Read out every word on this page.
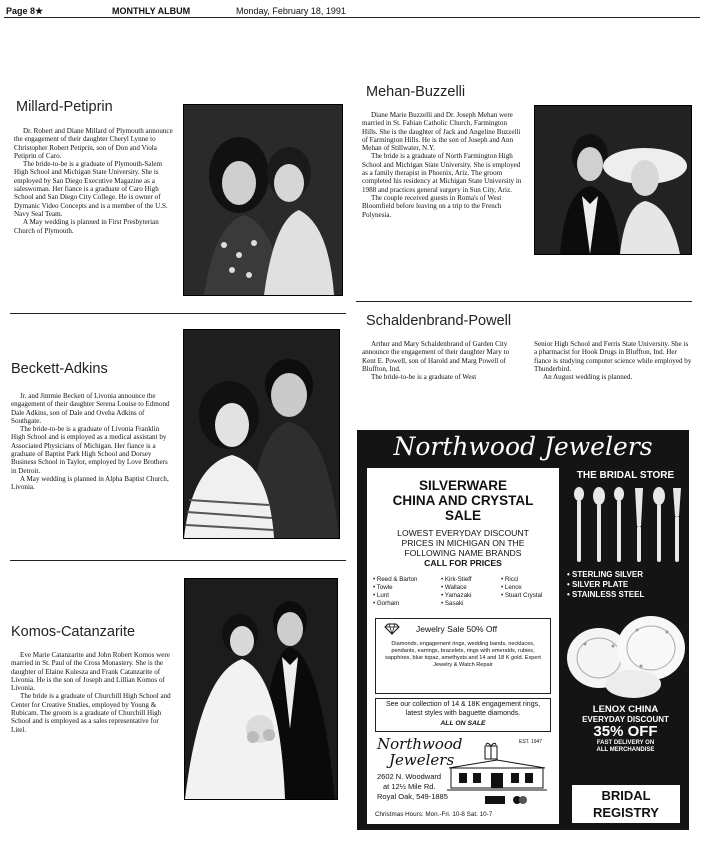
Page 8★	MONTHLY ALBUM	Monday, February 18, 1991
Millard-Petiprin

Dr. Robert and Diane Millard of Plymouth announce the engagement of their daughter Cheryl Lynne to Christopher Robert Petiprin, son of Don and Viola Petiprin of Caro.

The bride-to-be is a graduate of Plymouth-Salem High School and Michigan State University. She is employed by San Diego Executive Magazine as a saleswoman. Her fiance is a graduate of Caro High School and San Diego City College. He is owner of Dymanic Video Concepts and is a member of the U.S. Navy Seal Team.

A May wedding is planned in First Presbyterian Church of Plymouth.

Mehan-Buzzelli

Diane Marie Buzzelli and Dr. Joseph Mehan were married in St. Fabian Catholic Church, Farmington Hills. She is the daughter of Jack and Angeline Buzzelli of Farmington Hills. He is the son of Joseph and Ann Mehan of Stillwater, N.Y.

The bride is a graduate of North Farmington High School and Michigan State University. She is employed as a family therapist in Phoenix, Ariz. The groom completed his residency at Michigan State University in 1988 and practices general surgery in Sun City, Ariz.

The couple received guests in Roma's of West Bloomfield before leaving on a trip to the French Polynesia.

Schaldenbrand-Powell

Arthur and Mary Schaldenbrand of Garden City announce the engagement of their daughter Mary to Kent E. Powell, son of Harold and Marg Powell of Bluffton, Ind.

The bride-to-be is a graduate of West

Senior High School and Ferris State University. She is a pharmacist for Hook Drugs in Bluffton, Ind. Her fiance is studying computer science while employed by Thunderbird.

An August wedding is planned.

Beckett-Adkins

Jr. and Jimmie Beckett of Livonia announce the engagement of their daughter Serena Louise to Edmond Dale Adkins, son of Dale and Oveha Adkins of Southgate.

The bride-to-be is a graduate of Livonia Franklin High School and is employed as a medical assistant by Associated Physicians of Michigan. Her fiance is a graduate of Baptist Park High School and Dorsey Business School in Taylor, employed by Love Brothers in Detroit.

A May wedding is planned in Alpha Baptist Church, Livonia.

Komos-Catanzarite

Eve Marie Catanzarite and John Robert Komos were married in St. Paul of the Cross Monastery. She is the daughter of Elaine Kulesza and Frank Catanzarite of Livonia. He is the son of Joseph and Lillian Komos of Livonia.

The bride is a graduate of Churchill High School and Center for Creative Studies, employed by Young & Rubicam. The groom is a graduate of Churchill High School and is employed as a sales representative for Litel.

Northwood Jewelers
SILVERWARE
CHINA AND CRYSTAL
SALE
LOWEST EVERYDAY DISCOUNT
PRICES IN MICHIGAN ON THE
FOLLOWING NAME BRANDS
CALL FOR PRICES
• Reed & Barton
• Towle
• Lunt
• Gorham
• Kirk-Stieff
• Wallace
• Yamazaki
• Sasaki
• Ricci
• Lenox
• Stuart Crystal
Jewelry Sale 50% Off
Diamonds, engagement rings, wedding bands, necklaces, pendants, earrings, bracelets, rings with emeralds, rubies, sapphires, blue topaz, amethysts and 14 and 18 K gold. Expert Jewelry & Watch Repair
See our collection of 14 & 18K engagement rings, latest styles with baguette diamonds.
ALL ON SALE
Northwood
Jewelers
EST. 1947
2602 N. Woodward
at 12½ Mile Rd.
Royal Oak, 549-1885
Christmas Hours: Mon.-Fri. 10-8 Sat. 10-7
THE BRIDAL STORE
• STERLING SILVER
• SILVER PLATE
• STAINLESS STEEL
LENOX CHINA
EVERYDAY DISCOUNT
35% OFF
FAST DELIVERY ON
ALL MERCHANDISE
BRIDAL
REGISTRY
